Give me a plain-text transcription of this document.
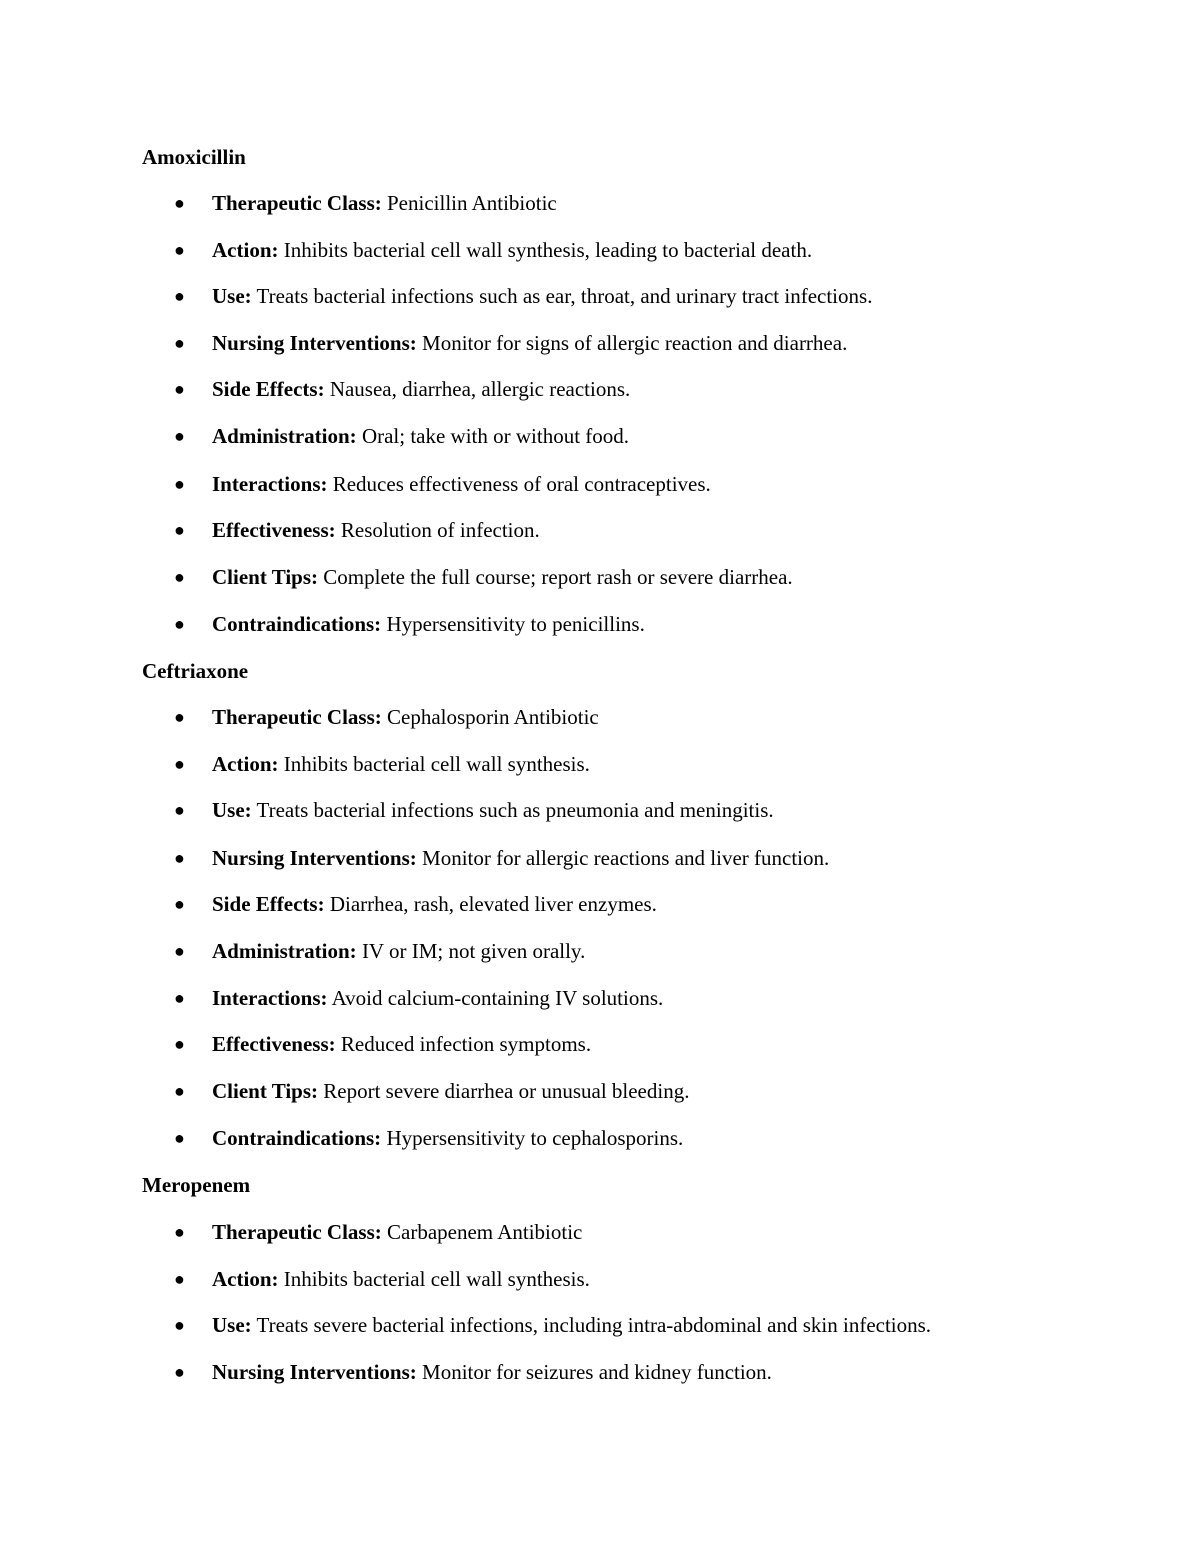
Amoxicillin
● Therapeutic Class: Penicillin Antibiotic
● Action: Inhibits bacterial cell wall synthesis, leading to bacterial death.
● Use: Treats bacterial infections such as ear, throat, and urinary tract infections.
● Nursing Interventions: Monitor for signs of allergic reaction and diarrhea.
● Side Effects: Nausea, diarrhea, allergic reactions.
● Administration: Oral; take with or without food.
● Interactions: Reduces effectiveness of oral contraceptives.
● Effectiveness: Resolution of infection.
● Client Tips: Complete the full course; report rash or severe diarrhea.
● Contraindications: Hypersensitivity to penicillins.
Ceftriaxone
● Therapeutic Class: Cephalosporin Antibiotic
● Action: Inhibits bacterial cell wall synthesis.
● Use: Treats bacterial infections such as pneumonia and meningitis.
● Nursing Interventions: Monitor for allergic reactions and liver function.
● Side Effects: Diarrhea, rash, elevated liver enzymes.
● Administration: IV or IM; not given orally.
● Interactions: Avoid calcium-containing IV solutions.
● Effectiveness: Reduced infection symptoms.
● Client Tips: Report severe diarrhea or unusual bleeding.
● Contraindications: Hypersensitivity to cephalosporins.
Meropenem
● Therapeutic Class: Carbapenem Antibiotic
● Action: Inhibits bacterial cell wall synthesis.
● Use: Treats severe bacterial infections, including intra-abdominal and skin infections.
● Nursing Interventions: Monitor for seizures and kidney function.
